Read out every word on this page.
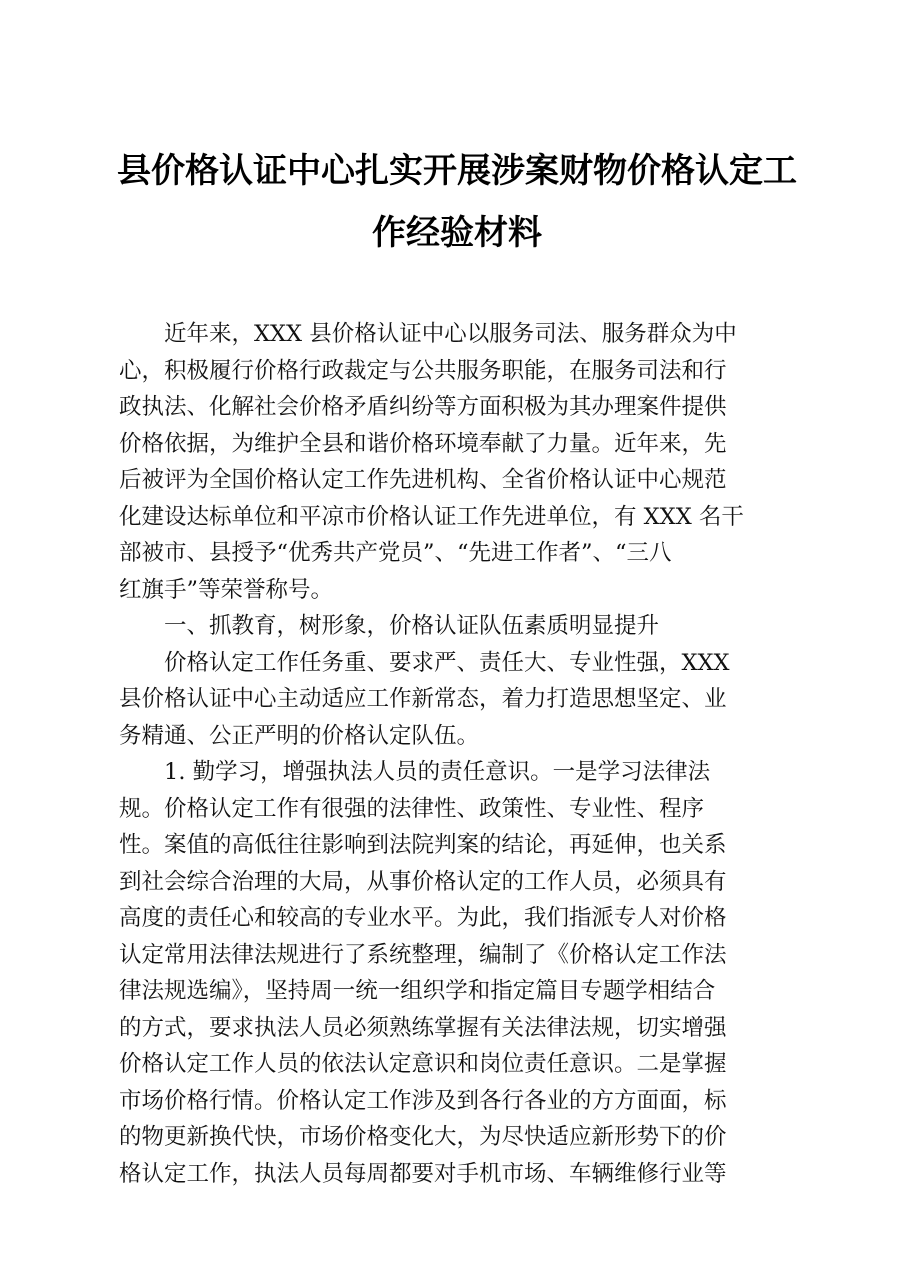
县价格认证中心扎实开展涉案财物价格认定工
作经验材料

　　近年来，XXX 县价格认证中心以服务司法、服务群众为中
心，积极履行价格行政裁定与公共服务职能，在服务司法和行
政执法、化解社会价格矛盾纠纷等方面积极为其办理案件提供
价格依据，为维护全县和谐价格环境奉献了力量。近年来，先
后被评为全国价格认定工作先进机构、全省价格认证中心规范
化建设达标单位和平凉市价格认证工作先进单位，有 XXX 名干
部被市、县授予“优秀共产党员”、“先进工作者”、“三八
红旗手”等荣誉称号。

　　一、抓教育，树形象，价格认证队伍素质明显提升

　　价格认定工作任务重、要求严、责任大、专业性强，XXX
县价格认证中心主动适应工作新常态，着力打造思想坚定、业
务精通、公正严明的价格认定队伍。

　　1. 勤学习，增强执法人员的责任意识。一是学习法律法
规。价格认定工作有很强的法律性、政策性、专业性、程序
性。案值的高低往往影响到法院判案的结论，再延伸，也关系
到社会综合治理的大局，从事价格认定的工作人员，必须具有
高度的责任心和较高的专业水平。为此，我们指派专人对价格
认定常用法律法规进行了系统整理，编制了《价格认定工作法
律法规选编》，坚持周一统一组织学和指定篇目专题学相结合
的方式，要求执法人员必须熟练掌握有关法律法规，切实增强
价格认定工作人员的依法认定意识和岗位责任意识。二是掌握
市场价格行情。价格认定工作涉及到各行各业的方方面面，标
的物更新换代快，市场价格变化大，为尽快适应新形势下的价
格认定工作，执法人员每周都要对手机市场、车辆维修行业等
